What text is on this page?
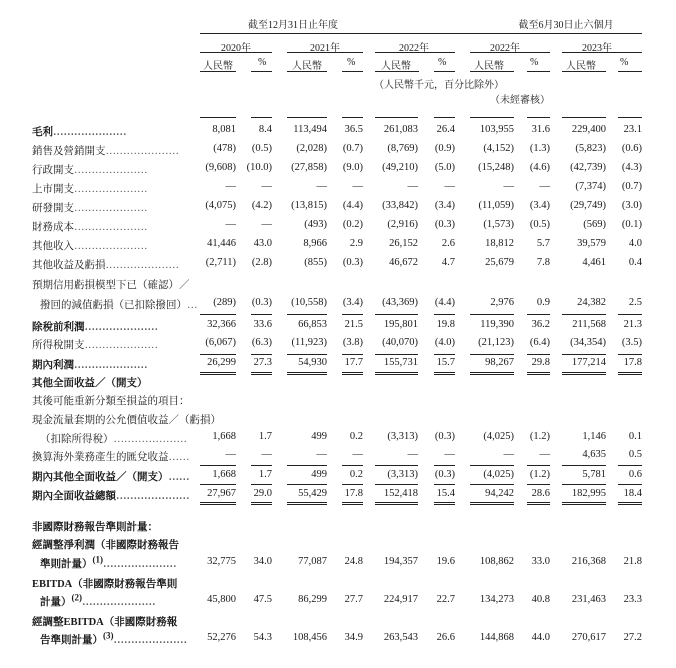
截至12月31日止年度	截至6月30日止六個月
2020年	2021年	2022年	2022年	2023年
人民幣	%	人民幣	%	人民幣	%	人民幣	%	人民幣 %
（人民幣千元，百分比除外）
（未經審核）
毛利…………………	8,081 8.4 113,494 36.5 261,083 26.4 103,955 31.6 229,400 23.1
銷售及營銷開支…………………	(478) (0.5) (2,028) (0.7) (8,769) (0.9)	(4,152) (1.3) (5,823) (0.6)
行政開支…………………	(9,608) (10.0) (27,858) (9.0) (49,210) (5.0) (15,248) (4.6) (42,739) (4.3)
上市開支…………………	— —	— —	—	—	— — (7,374) (0.7)
研發開支…………………	(4,075) (4.2) (13,815) (4.4) (33,842) (3.4) (11,059) (3.4) (29,749) (3.0)
財務成本…………………	— —	(493) (0.2) (2,916) (0.3)	(1,573) (0.5)	(569) (0.1)
其他收入…………………	41,446 43.0	8,966 2.9 26,152 2.6	18,812 5.7	39,579 4.0
其他收益及虧損…………………	(2,711) (2.8)	(855) (0.3) 46,672 4.7	25,679 7.8	4,461 0.4
預期信用虧損模型下已（確認）／
撥回的減值虧損（已扣除撥回）… (289) (0.3) (10,558) (3.4) (43,369) (4.4)	2,976 0.9	24,382 2.5
除稅前利潤…………………	32,366 33.6 66,853 21.5 195,801 19.8 119,390 36.2 211,568 21.3
所得稅開支…………………	(6,067) (6.3) (11,923) (3.8) (40,070) (4.0) (21,123) (6.4) (34,354) (3.5)
期內利潤…………………	26,299 27.3 54,930 17.7 155,731 15.7	98,267 29.8 177,214 17.8
其他全面收益／（開支）
其後可能重新分類至損益的項目：
現金流量套期的公允價值收益／（虧損）
（扣除所得稅）………………… 1,668 1.7	499 0.2 (3,313) (0.3)	(4,025) (1.2)	1,146 0.1
換算海外業務產生的匯兌收益……	— —	— —	—	—	— —	4,635 0.5
期內其他全面收益／（開支）…… 1,668 1.7	499 0.2 (3,313) (0.3)	(4,025) (1.2)	5,781 0.6
期內全面收益總額………………… 27,967 29.0 55,429 17.8 152,418 15.4	94,242 28.6 182,995 18.4
非國際財務報告準則計量：
經調整淨利潤（非國際財務報告
準則計量）(1)…………………	32,775 34.0 77,087 24.8 194,357 19.6 108,862 33.0 216,368 21.8
EBITDA（非國際財務報告準則
計量）(2)…………………	45,800 47.5 86,299 27.7 224,917 22.7 134,273 40.8 231,463 23.3
經調整EBITDA（非國際財務報
告準則計量）(3)………………… 52,276 54.3 108,456 34.9 263,543 26.6 144,868 44.0 270,617 27.2
